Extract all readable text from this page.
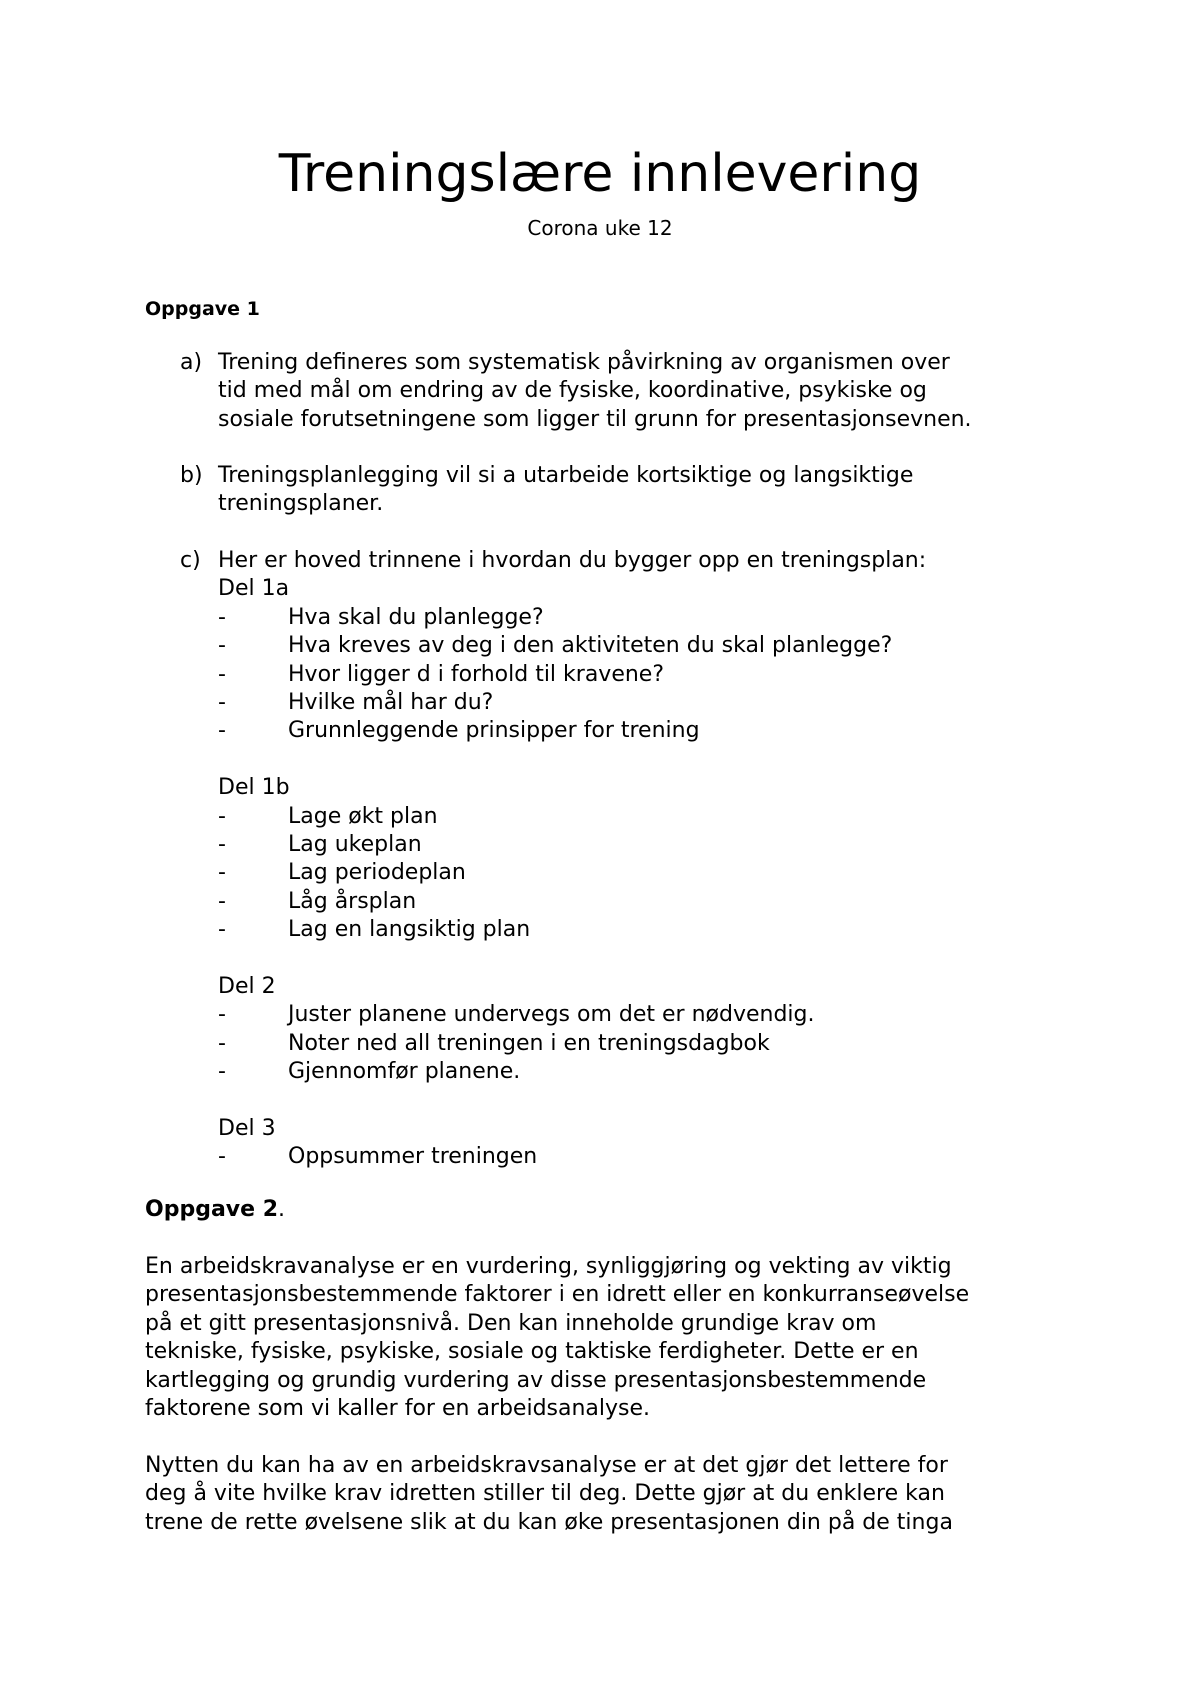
Treningslære innlevering
Corona uke 12
Oppgave 1
a) Trening defineres som systematisk påvirkning av organismen over

tid med mål om endring av de fysiske, koordinative, psykiske og

sosiale forutsetningene som ligger til grunn for presentasjonsevnen.

b) Treningsplanlegging vil si a utarbeide kortsiktige og langsiktige

treningsplaner.

c) Her er hoved trinnene i hvordan du bygger opp en treningsplan:

Del 1a

-	Hva skal du planlegge?
-	Hva kreves av deg i den aktiviteten du skal planlegge?
-	Hvor ligger d i forhold til kravene?
-	Hvilke mål har du?
-	Grunnleggende prinsipper for trening

Del 1b

-	Lage økt plan
-	Lag ukeplan
-	Lag periodeplan
-	Låg årsplan
-	Lag en langsiktig plan

Del 2

-	Juster planene undervegs om det er nødvendig.
-	Noter ned all treningen i en treningsdagbok
-	Gjennomfør planene.

Del 3

-	Oppsummer treningen
Oppgave 2.
En arbeidskravanalyse er en vurdering, synliggjøring og vekting av viktig
presentasjonsbestemmende faktorer i en idrett eller en konkurranseøvelse
på et gitt presentasjonsnivå. Den kan inneholde grundige krav om
tekniske, fysiske, psykiske, sosiale og taktiske ferdigheter. Dette er en
kartlegging og grundig vurdering av disse presentasjonsbestemmende
faktorene som vi kaller for en arbeidsanalyse.
Nytten du kan ha av en arbeidskravsanalyse er at det gjør det lettere for
deg å vite hvilke krav idretten stiller til deg. Dette gjør at du enklere kan
trene de rette øvelsene slik at du kan øke presentasjonen din på de tinga
